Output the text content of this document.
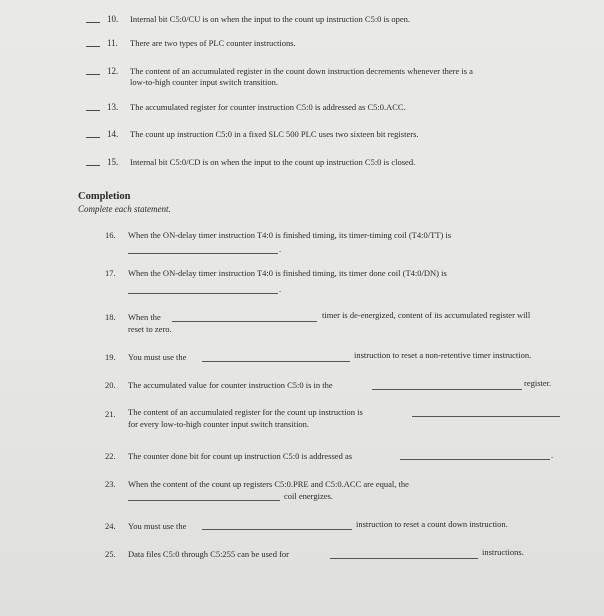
10.	Internal bit C5:0/CU is on when the input to the count up instruction C5:0 is open.
11.	There are two types of PLC counter instructions.
12.	The content of an accumulated register in the count down instruction decrements whenever there is a
low-to-high counter input switch transition.
13.	The accumulated register for counter instruction C5:0 is addressed as C5:0.ACC.
14.	The count up instruction C5:0 in a fixed SLC 500 PLC uses two sixteen bit registers.
15.	Internal bit C5:0/CD is on when the input to the count up instruction C5:0 is closed.
Completion
Complete each statement.
16. When the ON-delay timer instruction T4:0 is finished timing, its timer-timing coil (T4:0/TT) is
.
17. When the ON-delay timer instruction T4:0 is finished timing, its timer done coil (T4:0/DN) is
.
18. When the	timer is de-energized, content of its accumulated register will
reset to zero.
19. You must use the	instruction to reset a non-retentive timer instruction.
20. The accumulated value for counter instruction C5:0 is in the	register.
21. The content of an accumulated register for the count up instruction is
for every low-to-high counter input switch transition.
22. The counter done bit for count up instruction C5:0 is addressed as	.
23. When the content of the count up registers C5:0.PRE and C5:0.ACC are equal, the
coil energizes.
24. You must use the	instruction to reset a count down instruction.
25. Data files C5:0 through C5:255 can be used for	instructions.
